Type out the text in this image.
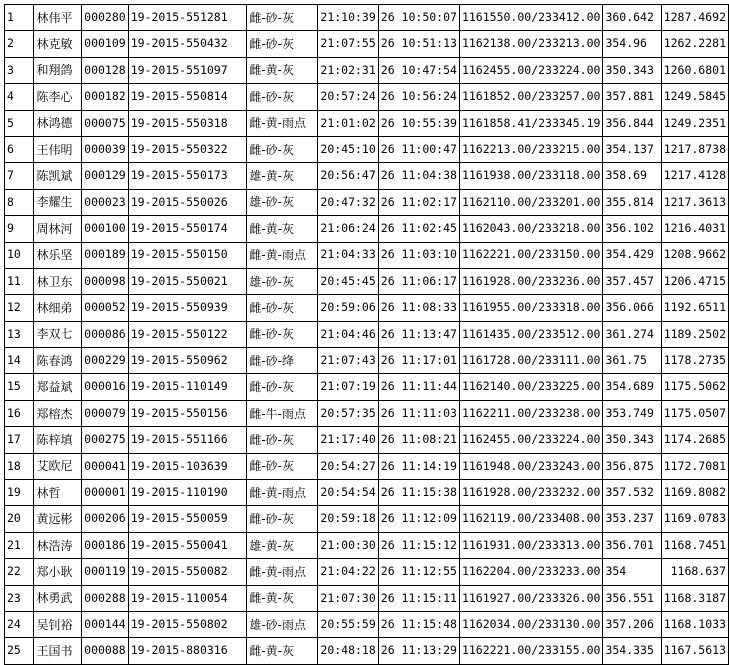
1	林伟平	000280	19-2015-551281	雌-砂-灰	21:10:39	26 10:50:07	1161550.00/233412.00	360.642	1287.4692
2	林克敏	000109	19-2015-550432	雌-砂-灰	21:07:55	26 10:51:13	1162138.00/233213.00	354.96	1262.2281
3	和翔鸽	000128	19-2015-551097	雌-黄-灰	21:02:31	26 10:47:54	1162455.00/233224.00	350.343	1260.6801
4	陈李心	000182	19-2015-550814	雌-砂-灰	20:57:24	26 10:56:24	1161852.00/233257.00	357.881	1249.5845
5	林鸿德	000075	19-2015-550318	雌-黄-雨点	21:01:02	26 10:55:39	1161858.41/233345.19	356.844	1249.2351
6	王伟明	000039	19-2015-550322	雌-砂-灰	20:45:10	26 11:00:47	1162213.00/233215.00	354.137	1217.8738
7	陈凯斌	000129	19-2015-550173	雄-黄-灰	20:56:47	26 11:04:38	1161938.00/233118.00	358.69	1217.4128
8	李耀生	000023	19-2015-550026	雄-砂-灰	20:47:32	26 11:02:17	1162110.00/233201.00	355.814	1217.3613
9	周林河	000100	19-2015-550174	雌-黄-灰	21:06:24	26 11:02:45	1162043.00/233218.00	356.102	1216.4031
10	林乐坚	000189	19-2015-550150	雌-黄-雨点	21:04:33	26 11:03:10	1162221.00/233150.00	354.429	1208.9662
11	林卫东	000098	19-2015-550021	雄-砂-灰	20:45:45	26 11:06:17	1161928.00/233236.00	357.457	1206.4715
12	林细弟	000052	19-2015-550939	雌-砂-灰	20:59:06	26 11:08:33	1161955.00/233318.00	356.066	1192.6511
13	李双七	000086	19-2015-550122	雌-砂-灰	21:04:46	26 11:13:47	1161435.00/233512.00	361.274	1189.2502
14	陈春鸿	000229	19-2015-550962	雌-砂-绛	21:07:43	26 11:17:01	1161728.00/233111.00	361.75	1178.2735
15	郑益斌	000016	19-2015-110149	雌-砂-灰	21:07:19	26 11:11:44	1162140.00/233225.00	354.689	1175.5062
16	郑榕杰	000079	19-2015-550156	雌-牛-雨点	20:57:35	26 11:11:03	1162211.00/233238.00	353.749	1175.0507
17	陈梓填	000275	19-2015-551166	雌-砂-灰	21:17:40	26 11:08:21	1162455.00/233224.00	350.343	1174.2685
18	艾欧尼	000041	19-2015-103639	雌-砂-灰	20:54:27	26 11:14:19	1161948.00/233243.00	356.875	1172.7081
19	林哲	000001	19-2015-110190	雌-黄-雨点	20:54:54	26 11:15:38	1161928.00/233232.00	357.532	1169.8082
20	黄远彬	000206	19-2015-550059	雌-砂-灰	20:59:18	26 11:12:09	1162119.00/233408.00	353.237	1169.0783
21	林浩涛	000186	19-2015-550041	雄-黄-灰	21:00:30	26 11:15:12	1161931.00/233313.00	356.701	1168.7451
22	郑小耿	000119	19-2015-550082	雌-黄-雨点	21:04:22	26 11:12:55	1162204.00/233233.00	354	1168.637
23	林勇武	000288	19-2015-110054	雌-黄-灰	21:07:30	26 11:15:11	1161927.00/233326.00	356.551	1168.3187
24	吴钊裕	000144	19-2015-550802	雄-砂-雨点	20:55:59	26 11:15:48	1162034.00/233130.00	357.206	1168.1033
25	王国书	000088	19-2015-880316	雌-黄-灰	20:48:18	26 11:13:29	1162221.00/233155.00	354.335	1167.5613
